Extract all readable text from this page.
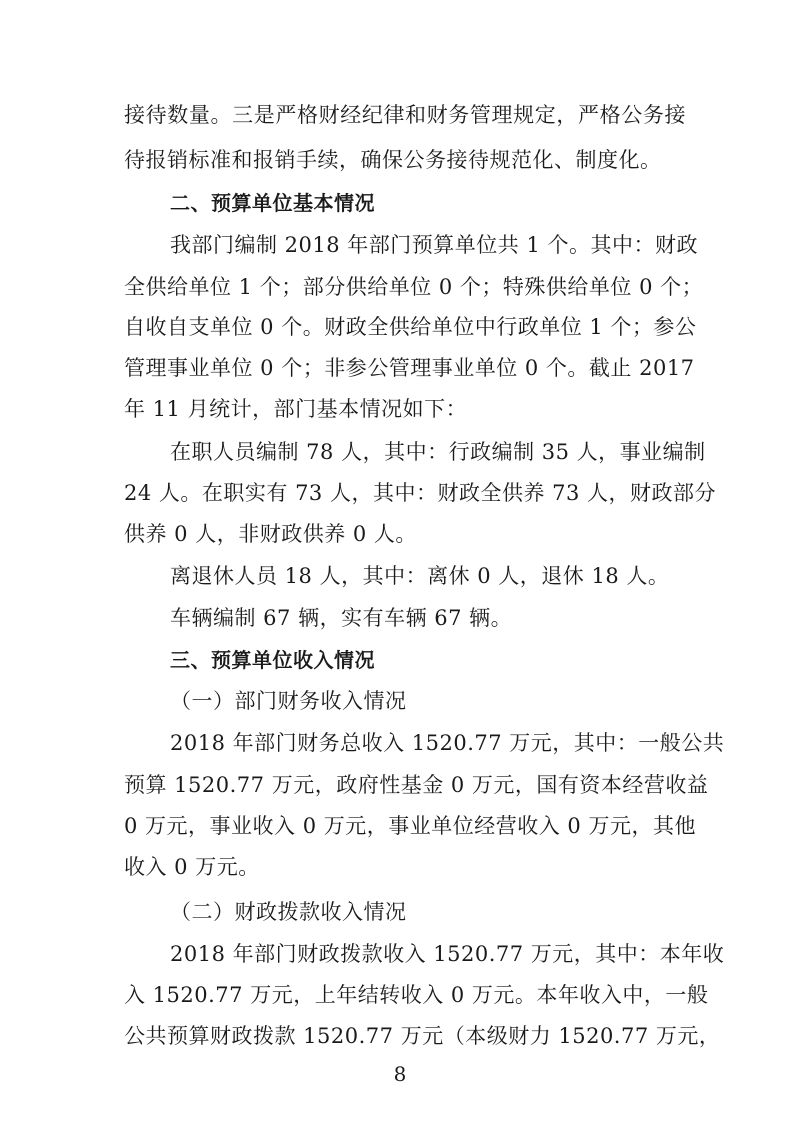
接待数量。三是严格财经纪律和财务管理规定，严格公务接
待报销标准和报销手续，确保公务接待规范化、制度化。
二、预算单位基本情况
我部门编制 2018 年部门预算单位共 1 个。其中：财政
全供给单位 1 个；部分供给单位 0 个；特殊供给单位 0 个；
自收自支单位 0 个。财政全供给单位中行政单位 1 个；参公
管理事业单位 0 个；非参公管理事业单位 0 个。截止 2017
年 11 月统计，部门基本情况如下：
在职人员编制 78 人，其中：行政编制 35 人，事业编制
24 人。在职实有 73 人，其中：财政全供养 73 人，财政部分
供养 0 人，非财政供养 0 人。
离退休人员 18 人，其中：离休 0 人，退休 18 人。
车辆编制 67 辆，实有车辆 67 辆。
三、预算单位收入情况
（一）部门财务收入情况
2018 年部门财务总收入 1520.77 万元，其中：一般公共
预算 1520.77 万元，政府性基金 0 万元，国有资本经营收益
0 万元，事业收入 0 万元，事业单位经营收入 0 万元，其他
收入 0 万元。
（二）财政拨款收入情况
2018 年部门财政拨款收入 1520.77 万元，其中：本年收
入 1520.77 万元，上年结转收入 0 万元。本年收入中，一般
公共预算财政拨款 1520.77 万元（本级财力 1520.77 万元，
8
